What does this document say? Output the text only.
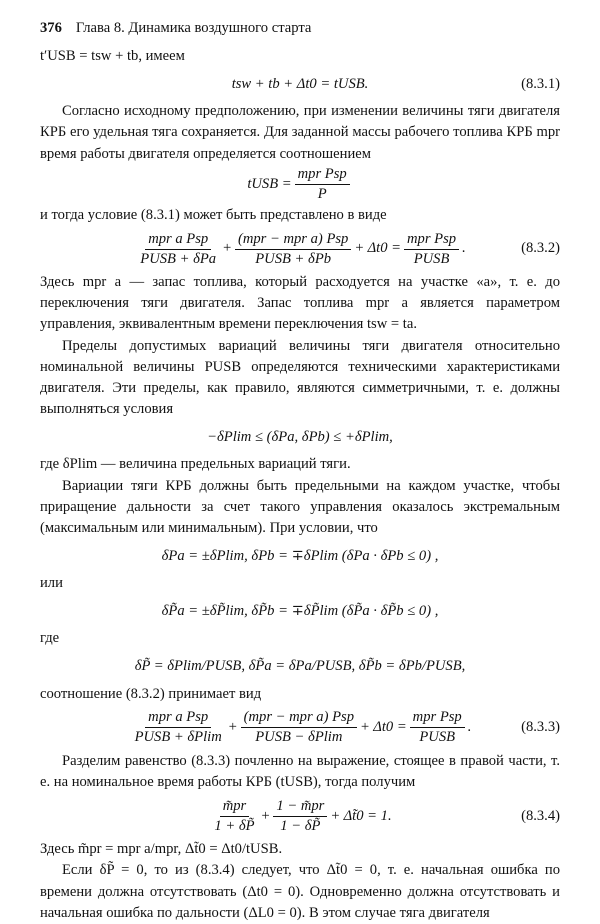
376 Глава 8. Динамика воздушного старта

t′USB = tsw + tb, имеем

tsw + tb + Δt0 = tUSB.	(8.3.1)

Согласно исходному предположению, при изменении величины тяги двигателя КРБ его удельная тяга сохраняется. Для заданной массы рабочего топлива КРБ mpr время работы двигателя определяется соотношением

tUSB = $\frac{\text{mpr Psp}}{P}$

и тогда условие (8.3.1) может быть представлено в виде

$\frac{\text{mpr a Psp}}{\text{PUSB + δPa}} + \frac{\text{(mpr − mpr a) Psp}}{\text{PUSB + δPb}} + \Delta t0 = \frac{\text{mpr Psp}}{\text{PUSB}}$ .	(8.3.2)

Здесь mpr a — запас топлива, который расходуется на участке «a», т. е. до переключения тяги двигателя. Запас топлива mpr a является параметром управления, эквивалентным времени переключения tsw = ta.

Пределы допустимых вариаций величины тяги двигателя относительно номинальной величины PUSB определяются техническими характеристиками двигателя. Эти пределы, как правило, являются симметричными, т. е. должны выполняться условия

−δPlim ≤ (δPa, δPb) ≤ +δPlim,

где δPlim — величина предельных вариаций тяги.

Вариации тяги КРБ должны быть предельными на каждом участке, чтобы приращение дальности за счет такого управления оказалось экстремальным (максимальным или минимальным). При условии, что

δPa = ±δPlim, δPb = ∓δPlim (δPa · δPb ≤ 0) ,

или

δP̃a = ±δP̃lim, δP̃b = ∓δP̃lim (δP̃a · δP̃b ≤ 0) ,

где

δP̃ = δPlim/PUSB, δP̃a = δPa/PUSB, δP̃b = δPb/PUSB,

соотношение (8.3.2) принимает вид

$\frac{\text{mpr a Psp}}{\text{PUSB + δPlim}} + \frac{\text{(mpr − mpr a) Psp}}{\text{PUSB − δPlim}} + \Delta t0 = \frac{\text{mpr Psp}}{\text{PUSB}}$ .	(8.3.3)

Разделим равенство (8.3.3) почленно на выражение, стоящее в правой части, т. е. на номинальное время работы КРБ (tUSB), тогда получим

$\frac{m̃pr}{1 + \delta P̃} + \frac{1 - m̃pr}{1 - \delta P̃}$ + Δt̃0 = 1.	(8.3.4)

Здесь m̃pr = mpr a/mpr, Δt̃0 = Δt0/tUSB.

Если δP̃ = 0, то из (8.3.4) следует, что Δt̃0 = 0, т. е. начальная ошибка по времени должна отсутствовать (Δt0 = 0). Одновременно должна отсутствовать и начальная ошибка по дальности (ΔL0 = 0). В этом случае тяга двигателя
